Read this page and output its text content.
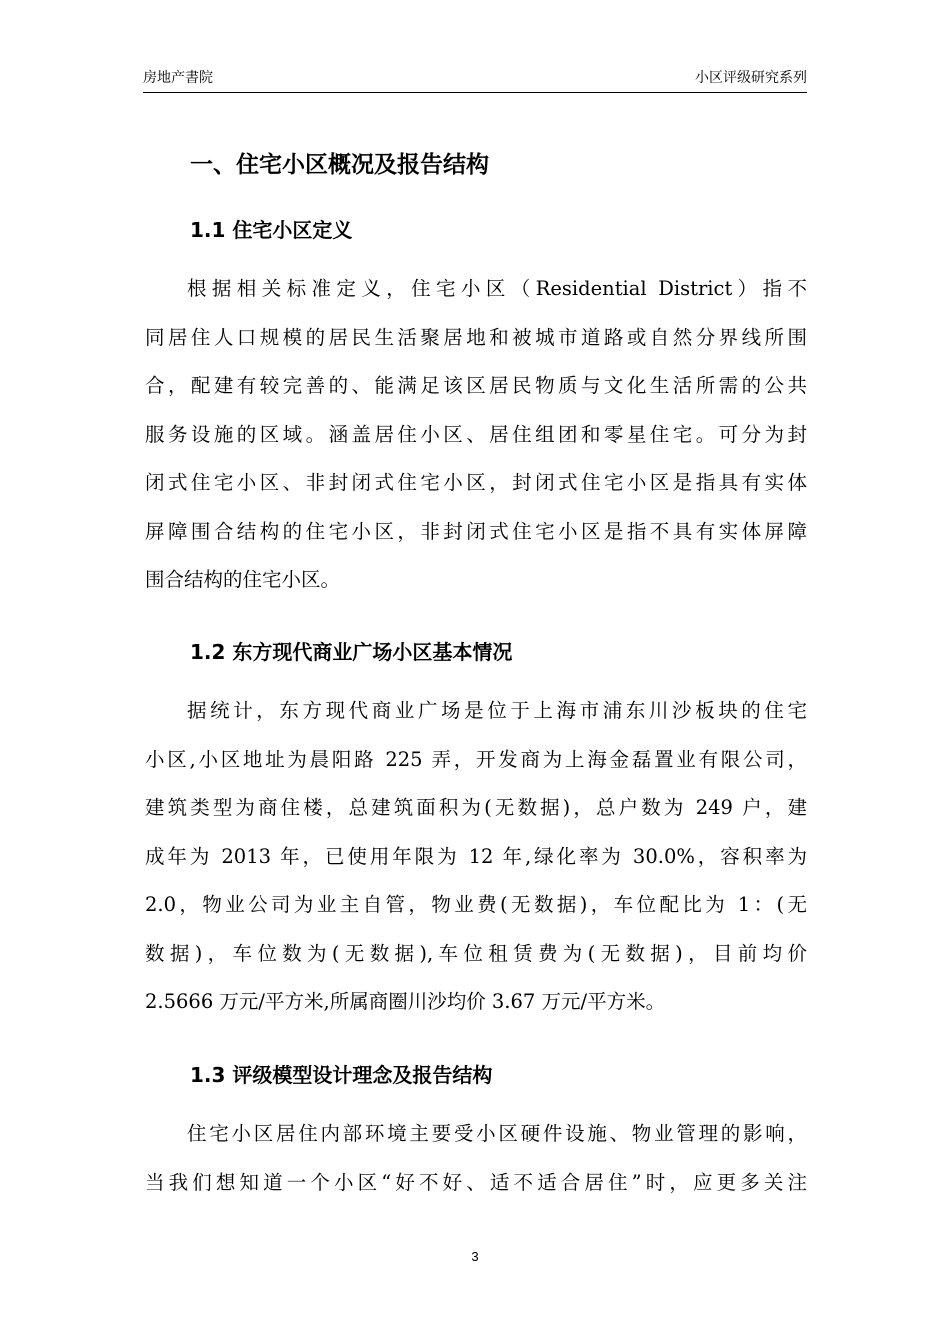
房地产書院	小区评级研究系列
一、住宅小区概况及报告结构
1.1 住宅小区定义
根据相关标准定义，住宅小区（Residential District）指不
同居住人口规模的居民生活聚居地和被城市道路或自然分界线所围
合，配建有较完善的、能满足该区居民物质与文化生活所需的公共
服务设施的区域。涵盖居住小区、居住组团和零星住宅。可分为封
闭式住宅小区、非封闭式住宅小区，封闭式住宅小区是指具有实体
屏障围合结构的住宅小区，非封闭式住宅小区是指不具有实体屏障
围合结构的住宅小区。
1.2 东方现代商业广场小区基本情况
据统计，东方现代商业广场是位于上海市浦东川沙板块的住宅
小区,小区地址为晨阳路 225 弄，开发商为上海金磊置业有限公司，
建筑类型为商住楼，总建筑面积为(无数据)，总户数为 249 户，建
成年为 2013 年，已使用年限为 12 年,绿化率为 30.0%，容积率为
2.0，物业公司为业主自管，物业费(无数据)，车位配比为 1：(无
数据)，车位数为(无数据),车位租赁费为(无数据)，目前均价
2.5666 万元/平方米,所属商圈川沙均价 3.67 万元/平方米。
1.3 评级模型设计理念及报告结构
住宅小区居住内部环境主要受小区硬件设施、物业管理的影响，
当我们想知道一个小区“好不好、适不适合居住”时，应更多关注
3
